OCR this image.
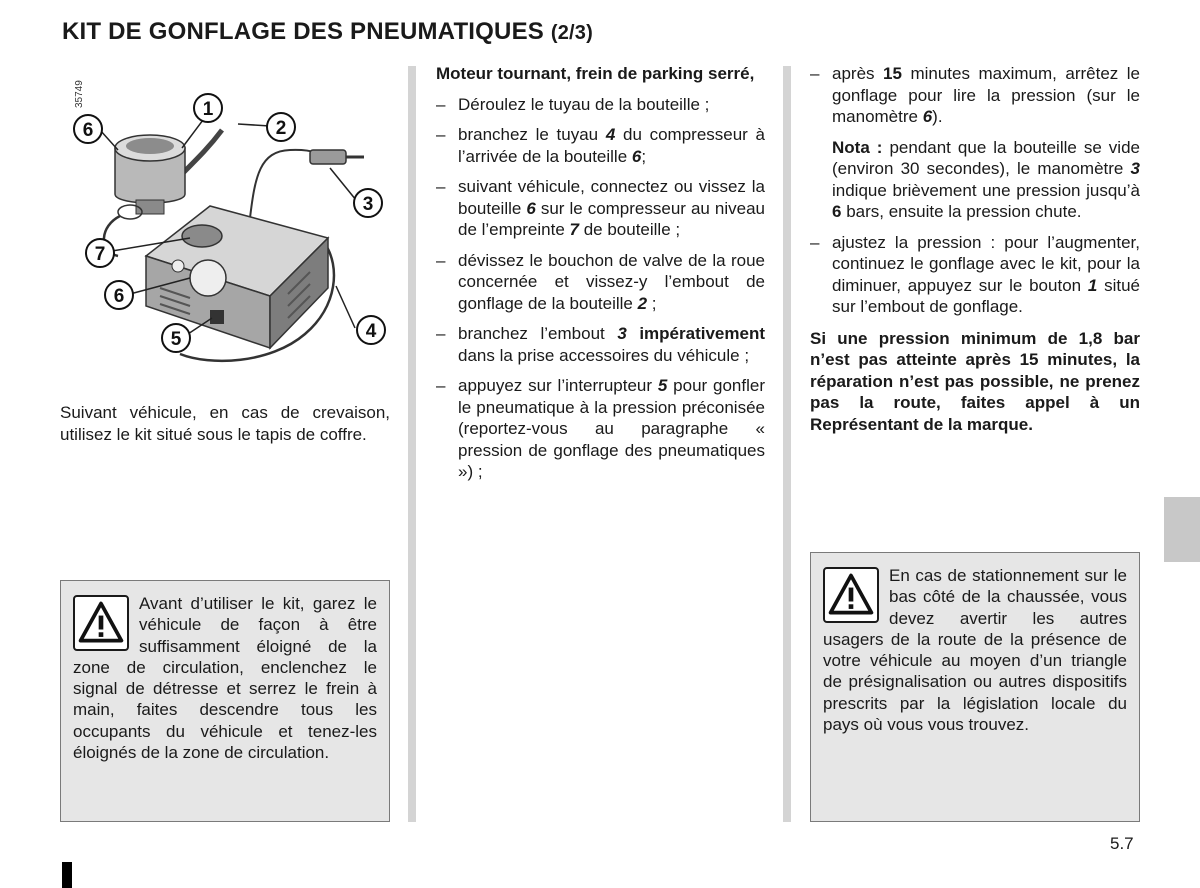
KIT DE GONFLAGE DES PNEUMATIQUES (2/3)
35749
1
2
3
4
5
6
6
7

Suivant véhicule, en cas de crevaison, utilisez le kit situé sous le tapis de coffre.

Avant d’utiliser le kit, garez le véhicule de façon à être suffisamment éloigné de la zone de circulation, enclenchez le signal de détresse et serrez le frein à main, faites descendre tous les occupants du véhicule et tenez-les éloignés de la zone de circulation.

Moteur tournant, frein de parking serré,

– Déroulez le tuyau de la bouteille ;

– branchez le tuyau 4 du compresseur à l’arrivée de la bouteille 6;

– suivant véhicule, connectez ou vissez la bouteille 6 sur le compresseur au niveau de l’empreinte 7 de bouteille ;

– dévissez le bouchon de valve de la roue concernée et vissez-y l’embout de gonflage de la bouteille 2 ;

– branchez l’embout 3 impérativement dans la prise accessoires du véhicule ;

– appuyez sur l’interrupteur 5 pour gonfler le pneumatique à la pression préconisée (reportez-vous au paragraphe « pression de gonflage des pneumatiques ») ;

– après 15 minutes maximum, arrêtez le gonflage pour lire la pression (sur le manomètre 6).

Nota : pendant que la bouteille se vide (environ 30 secondes), le manomètre 3 indique brièvement une pression jusqu’à 6 bars, ensuite la pression chute.

– ajustez la pression : pour l’augmenter, continuez le gonflage avec le kit, pour la diminuer, appuyez sur le bouton 1 situé sur l’embout de gonflage.

Si une pression minimum de 1,8 bar n’est pas atteinte après 15 minutes, la réparation n’est pas possible, ne prenez pas la route, faites appel à un Représentant de la marque.

En cas de stationnement sur le bas côté de la chaussée, vous devez avertir les autres usagers de la route de la présence de votre véhicule au moyen d’un triangle de présignalisation ou autres dispositifs prescrits par la législation locale du pays où vous vous trouvez.

5.7
